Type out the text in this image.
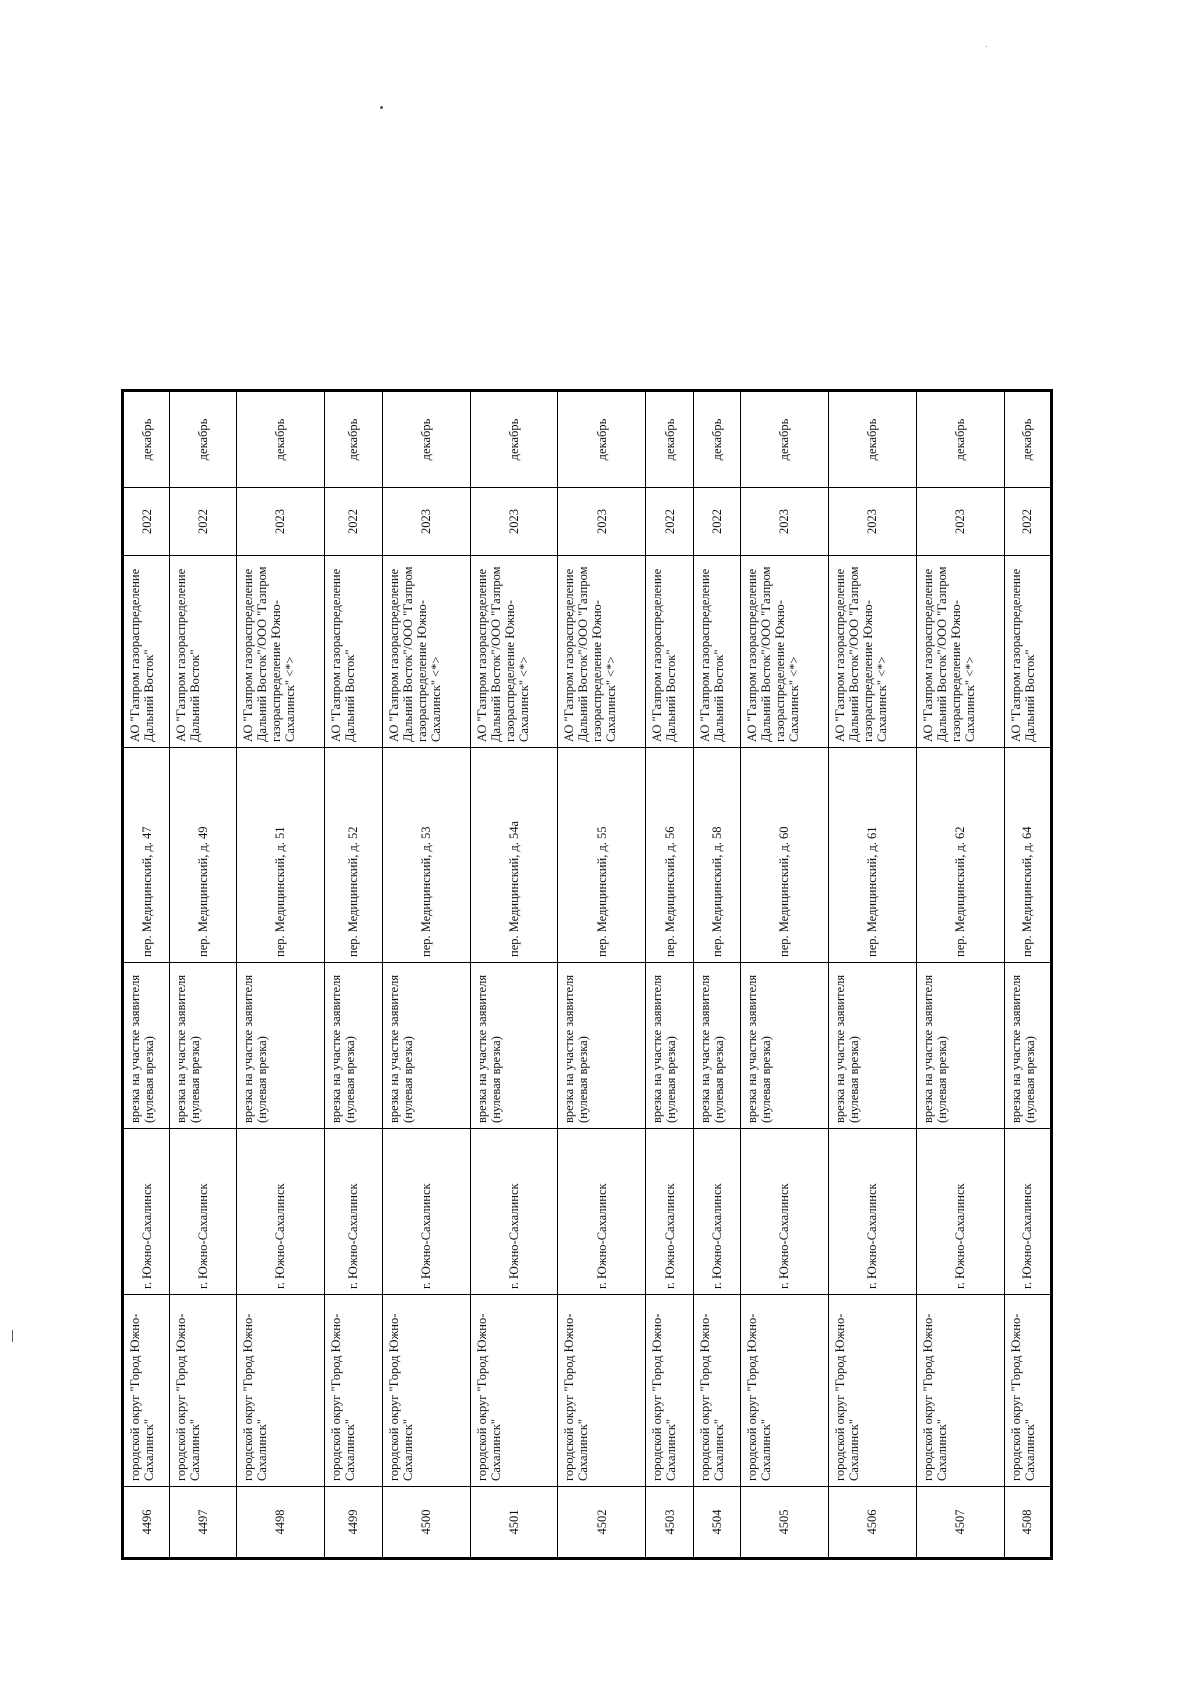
4496	городской округ "Город Южно-Сахалинск"	г. Южно-Сахалинск	врезка на участке заявителя (нулевая врезка)	пер. Медицинский, д. 47	АО "Газпром газораспределение Дальний Восток"	2022	декабрь
4497	городской округ "Город Южно-Сахалинск"	г. Южно-Сахалинск	врезка на участке заявителя (нулевая врезка)	пер. Медицинский, д. 49	АО "Газпром газораспределение Дальний Восток"	2022	декабрь
4498	городской округ "Город Южно-Сахалинск"	г. Южно-Сахалинск	врезка на участке заявителя (нулевая врезка)	пер. Медицинский, д. 51	АО "Газпром газораспределение Дальний Восток"/ООО "Газпром газораспределение Южно-Сахалинск" <*>	2023	декабрь
4499	городской округ "Город Южно-Сахалинск"	г. Южно-Сахалинск	врезка на участке заявителя (нулевая врезка)	пер. Медицинский, д. 52	АО "Газпром газораспределение Дальний Восток"	2022	декабрь
4500	городской округ "Город Южно-Сахалинск"	г. Южно-Сахалинск	врезка на участке заявителя (нулевая врезка)	пер. Медицинский, д. 53	АО "Газпром газораспределение Дальний Восток"/ООО "Газпром газораспределение Южно-Сахалинск" <*>	2023	декабрь
4501	городской округ "Город Южно-Сахалинск"	г. Южно-Сахалинск	врезка на участке заявителя (нулевая врезка)	пер. Медицинский, д. 54а	АО "Газпром газораспределение Дальний Восток"/ООО "Газпром газораспределение Южно-Сахалинск" <*>	2023	декабрь
4502	городской округ "Город Южно-Сахалинск"	г. Южно-Сахалинск	врезка на участке заявителя (нулевая врезка)	пер. Медицинский, д. 55	АО "Газпром газораспределение Дальний Восток"/ООО "Газпром газораспределение Южно-Сахалинск" <*>	2023	декабрь
4503	городской округ "Город Южно-Сахалинск"	г. Южно-Сахалинск	врезка на участке заявителя (нулевая врезка)	пер. Медицинский, д. 56	АО "Газпром газораспределение Дальний Восток"	2022	декабрь
4504	городской округ "Город Южно-Сахалинск"	г. Южно-Сахалинск	врезка на участке заявителя (нулевая врезка)	пер. Медицинский, д. 58	АО "Газпром газораспределение Дальний Восток"	2022	декабрь
4505	городской округ "Город Южно-Сахалинск"	г. Южно-Сахалинск	врезка на участке заявителя (нулевая врезка)	пер. Медицинский, д. 60	АО "Газпром газораспределение Дальний Восток"/ООО "Газпром газораспределение Южно-Сахалинск" <*>	2023	декабрь
4506	городской округ "Город Южно-Сахалинск"	г. Южно-Сахалинск	врезка на участке заявителя (нулевая врезка)	пер. Медицинский, д. 61	АО "Газпром газораспределение Дальний Восток"/ООО "Газпром газораспределение Южно-Сахалинск" <*>	2023	декабрь
4507	городской округ "Город Южно-Сахалинск"	г. Южно-Сахалинск	врезка на участке заявителя (нулевая врезка)	пер. Медицинский, д. 62	АО "Газпром газораспределение Дальний Восток"/ООО "Газпром газораспределение Южно-Сахалинск" <*>	2023	декабрь
4508	городской округ "Город Южно-Сахалинск"	г. Южно-Сахалинск	врезка на участке заявителя (нулевая врезка)	пер. Медицинский, д. 64	АО "Газпром газораспределение Дальний Восток"	2022	декабрь
